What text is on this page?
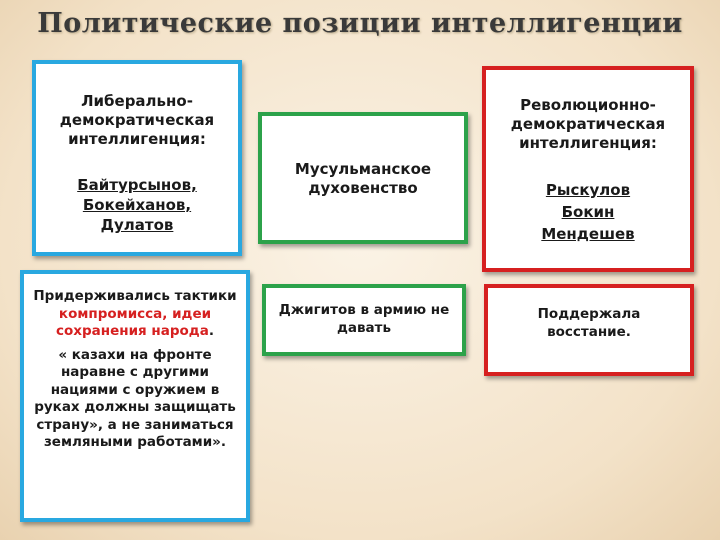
Политические позиции интеллигенции
Либерально-
демократическая
интеллигенция:
Байтурсынов,
Бокейханов,
Дулатов
Мусульманское
духовенство
Революционно-
демократическая
интеллигенция:
Рыскулов
Бокин
Мендешев
Придерживались тактики компромисса, идеи сохранения народа.
« казахи на фронте наравне с другими нациями с оружием в руках должны защищать страну», а не заниматься земляными работами».
Джигитов в армию не давать
Поддержала восстание.
